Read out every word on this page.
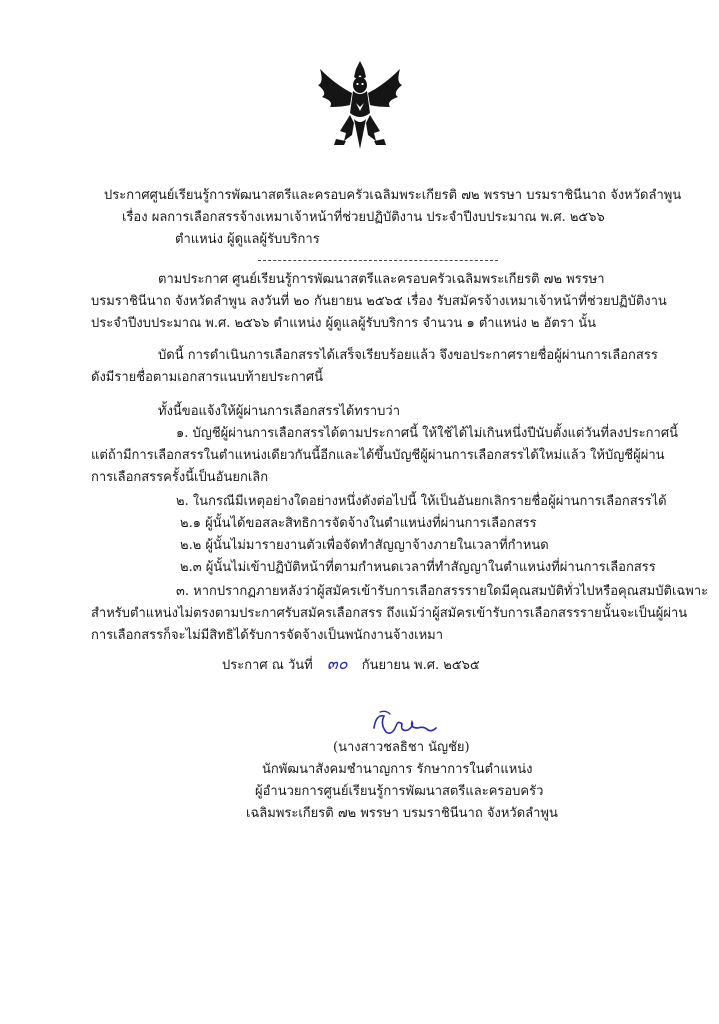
ประกาศศูนย์เรียนรู้การพัฒนาสตรีและครอบครัวเฉลิมพระเกียรติ ๗๒ พรรษา บรมราชินีนาถ จังหวัดลำพูน
เรื่อง ผลการเลือกสรรจ้างเหมาเจ้าหน้าที่ช่วยปฏิบัติงาน ประจำปีงบประมาณ พ.ศ. ๒๕๖๖
ตำแหน่ง ผู้ดูแลผู้รับบริการ
ตามประกาศ ศูนย์เรียนรู้การพัฒนาสตรีและครอบครัวเฉลิมพระเกียรติ ๗๒ พรรษา
บรมราชินีนาถ จังหวัดลำพูน ลงวันที่ ๒๐ กันยายน ๒๕๖๕ เรื่อง รับสมัครจ้างเหมาเจ้าหน้าที่ช่วยปฏิบัติงาน
ประจำปีงบประมาณ พ.ศ. ๒๕๖๖ ตำแหน่ง ผู้ดูแลผู้รับบริการ จำนวน ๑ ตำแหน่ง ๒ อัตรา นั้น
บัดนี้ การดำเนินการเลือกสรรได้เสร็จเรียบร้อยแล้ว จึงขอประกาศรายชื่อผู้ผ่านการเลือกสรร
ดังมีรายชื่อตามเอกสารแนบท้ายประกาศนี้
ทั้งนี้ขอแจ้งให้ผู้ผ่านการเลือกสรรได้ทราบว่า
๑. บัญชีผู้ผ่านการเลือกสรรได้ตามประกาศนี้ ให้ใช้ได้ไม่เกินหนึ่งปีนับตั้งแต่วันที่ลงประกาศนี้
แต่ถ้ามีการเลือกสรรในตำแหน่งเดียวกันนี้อีกและได้ขึ้นบัญชีผู้ผ่านการเลือกสรรได้ใหม่แล้ว ให้บัญชีผู้ผ่าน
การเลือกสรรครั้งนี้เป็นอันยกเลิก
๒. ในกรณีมีเหตุอย่างใดอย่างหนึ่งดังต่อไปนี้ ให้เป็นอันยกเลิกรายชื่อผู้ผ่านการเลือกสรรได้
๒.๑ ผู้นั้นได้ขอสละสิทธิการจัดจ้างในตำแหน่งที่ผ่านการเลือกสรร
๒.๒ ผู้นั้นไม่มารายงานตัวเพื่อจัดทำสัญญาจ้างภายในเวลาที่กำหนด
๒.๓ ผู้นั้นไม่เข้าปฏิบัติหน้าที่ตามกำหนดเวลาที่ทำสัญญาในตำแหน่งที่ผ่านการเลือกสรร
๓. หากปรากฏภายหลังว่าผู้สมัครเข้ารับการเลือกสรรรายใดมีคุณสมบัติทั่วไปหรือคุณสมบัติเฉพาะ
สำหรับตำแหน่งไม่ตรงตามประกาศรับสมัครเลือกสรร ถึงแม้ว่าผู้สมัครเข้ารับการเลือกสรรรายนั้นจะเป็นผู้ผ่าน
การเลือกสรรก็จะไม่มีสิทธิได้รับการจัดจ้างเป็นพนักงานจ้างเหมา
ประกาศ ณ วันที่ ๓๐ กันยายน พ.ศ. ๒๕๖๕
(นางสาวชลธิชา นัญชัย)
นักพัฒนาสังคมชำนาญการ รักษาการในตำแหน่ง
ผู้อำนวยการศูนย์เรียนรู้การพัฒนาสตรีและครอบครัว
เฉลิมพระเกียรติ ๗๒ พรรษา บรมราชินีนาถ จังหวัดลำพูน
